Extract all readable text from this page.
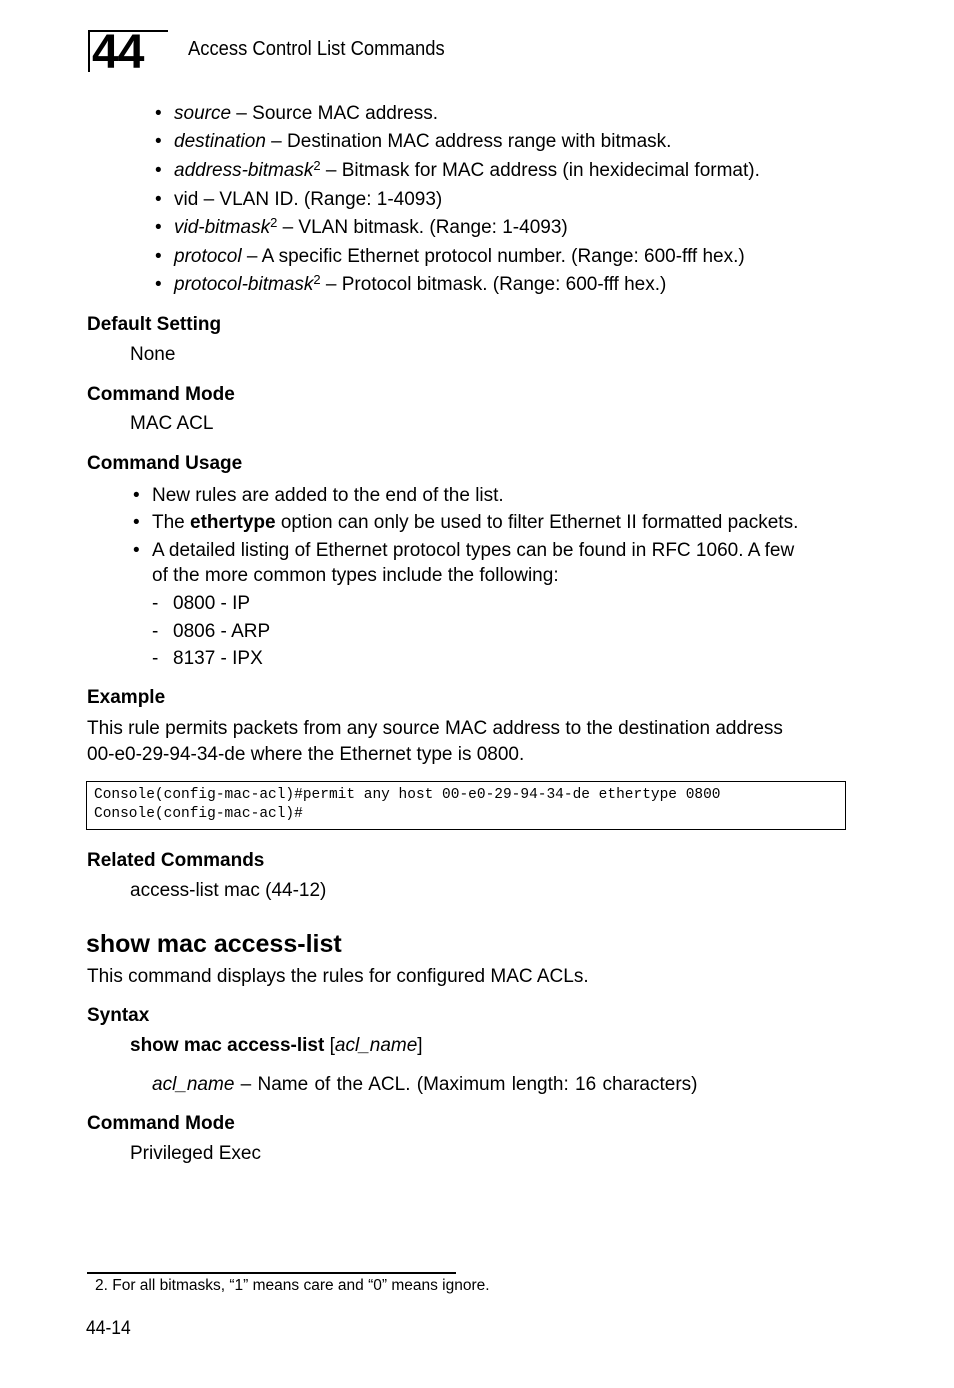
44	Access Control List Commands
• source – Source MAC address.
• destination – Destination MAC address range with bitmask.
• address-bitmask$^2$ – Bitmask for MAC address (in hexidecimal format).
• vid – VLAN ID. (Range: 1-4093)
• vid-bitmask$^2$ – VLAN bitmask. (Range: 1-4093)
• protocol – A specific Ethernet protocol number. (Range: 600-fff hex.)
• protocol-bitmask$^2$ – Protocol bitmask. (Range: 600-fff hex.)
Default Setting
None
Command Mode
MAC ACL
Command Usage
• New rules are added to the end of the list.
• The ethertype option can only be used to filter Ethernet II formatted packets.
• A detailed listing of Ethernet protocol types can be found in RFC 1060. A few
of the more common types include the following:
- 0800 - IP
- 0806 - ARP
- 8137 - IPX
Example
This rule permits packets from any source MAC address to the destination address
00-e0-29-94-34-de where the Ethernet type is 0800.
Console(config-mac-acl)#permit any host 00-e0-29-94-34-de ethertype 0800
Console(config-mac-acl)#
Related Commands
access-list mac (44-12)
show mac access-list
This command displays the rules for configured MAC ACLs.
Syntax
show mac access-list [acl_name]
acl_name – Name of the ACL. (Maximum length: 16 characters)
Command Mode
Privileged Exec
2. For all bitmasks, “1” means care and “0” means ignore.
44-14
